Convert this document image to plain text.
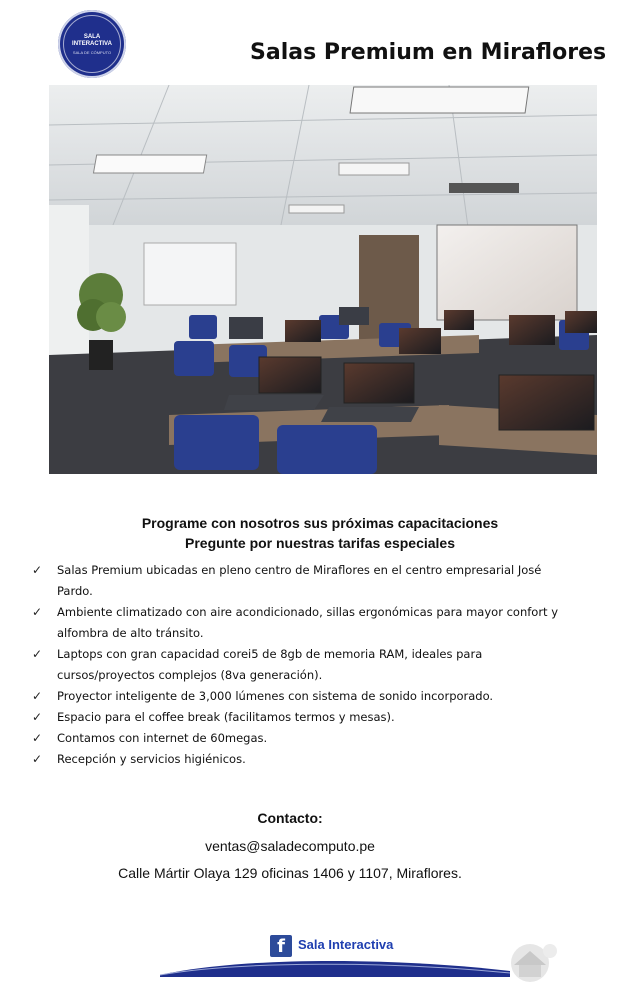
SALA
INTERACTIVA
SALA DE CÓMPUTO	Salas Premium en Miraflores
Programe con nosotros sus próximas capacitaciones
Pregunte por nuestras tarifas especiales
✓ Salas Premium ubicadas en pleno centro de Miraflores en el centro empresarial José
Pardo.
✓ Ambiente climatizado con aire acondicionado, sillas ergonómicas para mayor confort y
alfombra de alto tránsito.
✓ Laptops con gran capacidad corei5 de 8gb de memoria RAM, ideales para
cursos/proyectos complejos (8va generación).
✓ Proyector inteligente de 3,000 lúmenes con sistema de sonido incorporado.
✓ Espacio para el coffee break (facilitamos termos y mesas).
✓ Contamos con internet de 60megas.
✓ Recepción y servicios higiénicos.
Contacto:
ventas@saladecomputo.pe
Calle Mártir Olaya 129 oficinas 1406 y 1107, Miraflores.
f	Sala Interactiva
